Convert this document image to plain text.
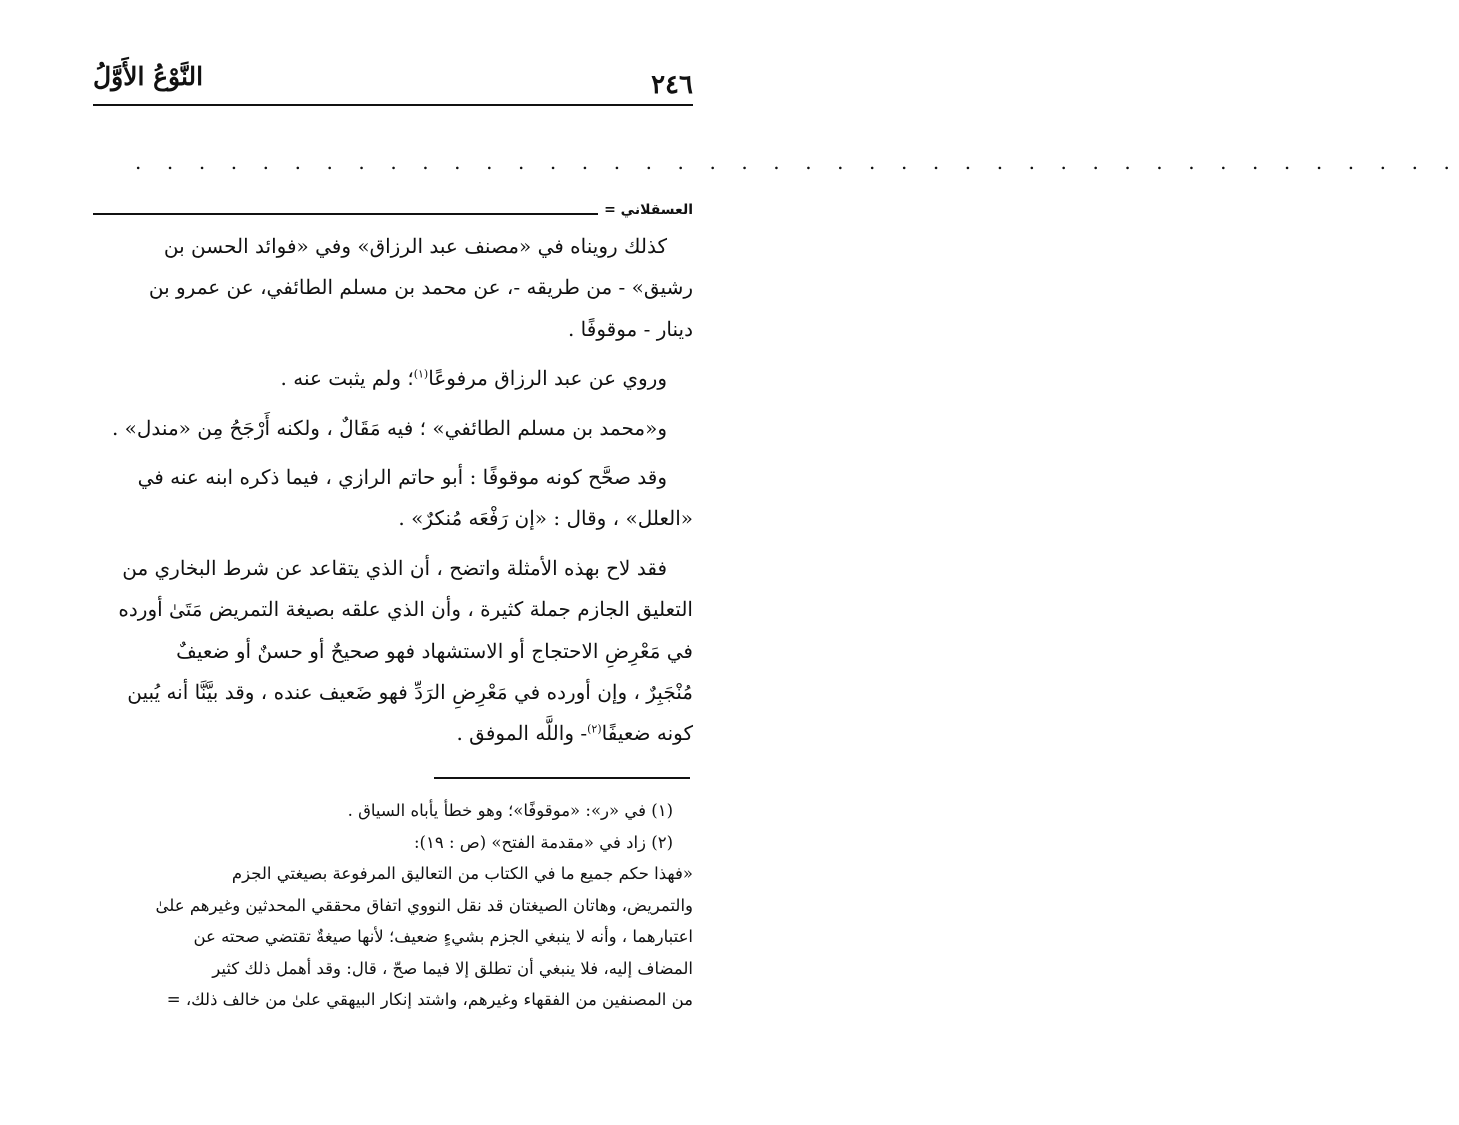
٢٤٦
النَّوْعُ الأَوَّلُ
. . . . . . . . . . . . . . . . . . . . . . . . . . . . . . . . . . . . . . . . . .
العسقلاني =

كذلك رويناه في «مصنف عبد الرزاق» وفي «فوائد الحسن بن

رشيق» - من طريقه -، عن محمد بن مسلم الطائفي، عن عمرو بن

دينار - موقوفًا .

وروي عن عبد الرزاق مرفوعًا$^{(١)}$؛ ولم يثبت عنه .

و«محمد بن مسلم الطائفي» ؛ فيه مَقَالٌ ، ولكنه أَرْجَحُ مِن «مندل» .

وقد صحَّح كونه موقوفًا : أبو حاتم الرازي ، فيما ذكره ابنه عنه في

«العلل» ، وقال : «إن رَفْعَه مُنكرٌ» .

فقد لاح بهذه الأمثلة واتضح ، أن الذي يتقاعد عن شرط البخاري من

التعليق الجازم جملة كثيرة ، وأن الذي علقه بصيغة التمريض مَتَىٰ أورده

في مَعْرِضِ الاحتجاج أو الاستشهاد فهو صحيحٌ أو حسنٌ أو ضعيفٌ

مُنْجَبِرٌ ، وإن أورده في مَعْرِضِ الرَدِّ فهو ضَعيف عنده ، وقد بيَّنَّا أنه يُبين

كونه ضعيفًا$^{(٢)}$- واللَّه الموفق .

(١) في «ر»: «موقوفًا»؛ وهو خطأ يأباه السياق .

(٢) زاد في «مقدمة الفتح» (ص : ١٩):

«فهذا حكم جميع ما في الكتاب من التعاليق المرفوعة بصيغتي الجزم

والتمريض، وهاتان الصيغتان قد نقل النووي اتفاق محققي المحدثين وغيرهم علىٰ

اعتبارهما ، وأنه لا ينبغي الجزم بشيءٍ ضعيف؛ لأنها صيغةٌ تقتضي صحته عن

المضاف إليه، فلا ينبغي أن تطلق إلا فيما صحّ ، قال: وقد أهمل ذلك كثير

من المصنفين من الفقهاء وغيرهم، واشتد إنكار البيهقي علىٰ من خالف ذلك، =
